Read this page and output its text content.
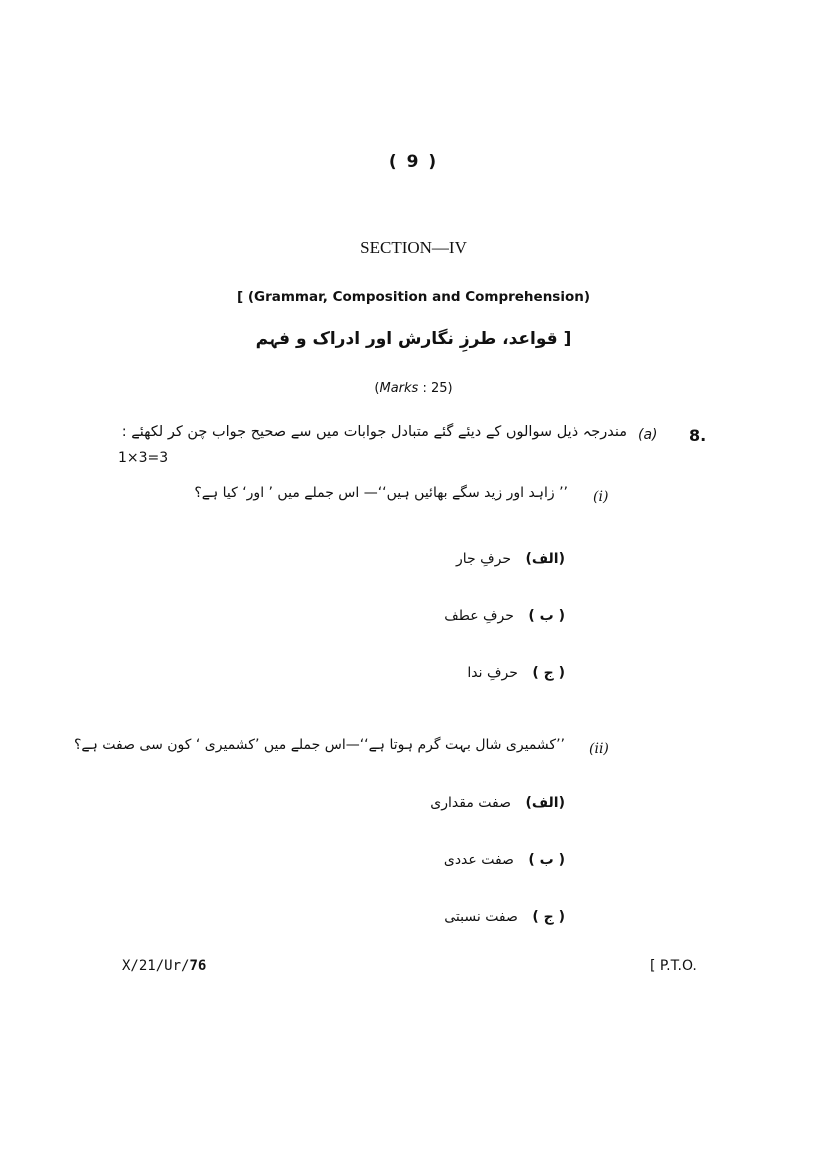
( 9 )
SECTION—IV
[ (Grammar, Composition and Comprehension)
[ قواعد، طرزِ نگارش اور ادراک و فہم
(Marks : 25)
8.
(a)
مندرجہ ذیل سوالوں کے دیئے گئے متبادل جوابات میں سے صحیح جواب چن کر لکھئے :
1×3=3
(i)
’’ زاہد اور زید سگے بھائیں ہیں‘‘— اس جملے میں ’ اور‘ کیا ہے؟
(الف) حرفِ جار
( ب ) حرفِ عطف
( ج ) حرفِ ندا
(ii)
’’کشمیری شال بہت گرم ہوتا ہے‘‘—اس جملے میں ’کشمیری ‘ کون سی صفت ہے؟
(الف) صفت مقداری
( ب ) صفت عددی
( ج ) صفت نسبتی
X/21/Ur/76	[ P.T.O.
